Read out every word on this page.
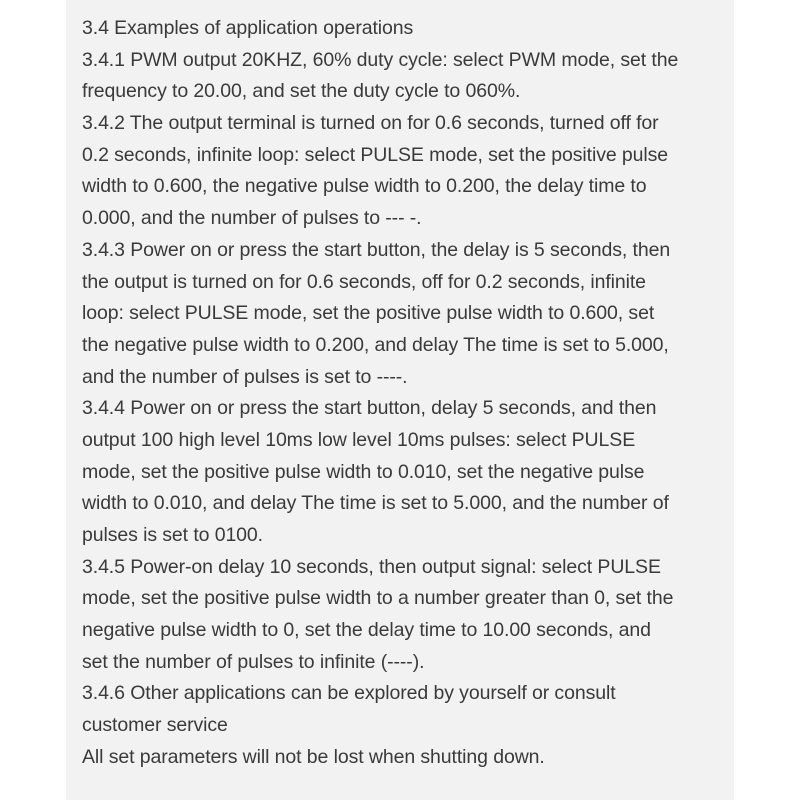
3.4 Examples of application operations
3.4.1 PWM output 20KHZ, 60% duty cycle: select PWM mode, set the
frequency to 20.00, and set the duty cycle to 060%.
3.4.2 The output terminal is turned on for 0.6 seconds, turned off for
0.2 seconds, infinite loop: select PULSE mode, set the positive pulse
width to 0.600, the negative pulse width to 0.200, the delay time to
0.000, and the number of pulses to --- -.
3.4.3 Power on or press the start button, the delay is 5 seconds, then
the output is turned on for 0.6 seconds, off for 0.2 seconds, infinite
loop: select PULSE mode, set the positive pulse width to 0.600, set
the negative pulse width to 0.200, and delay The time is set to 5.000,
and the number of pulses is set to ----.
3.4.4 Power on or press the start button, delay 5 seconds, and then
output 100 high level 10ms low level 10ms pulses: select PULSE
mode, set the positive pulse width to 0.010, set the negative pulse
width to 0.010, and delay The time is set to 5.000, and the number of
pulses is set to 0100.
3.4.5 Power-on delay 10 seconds, then output signal: select PULSE
mode, set the positive pulse width to a number greater than 0, set the
negative pulse width to 0, set the delay time to 10.00 seconds, and
set the number of pulses to infinite (----).
3.4.6 Other applications can be explored by yourself or consult
customer service
All set parameters will not be lost when shutting down.
